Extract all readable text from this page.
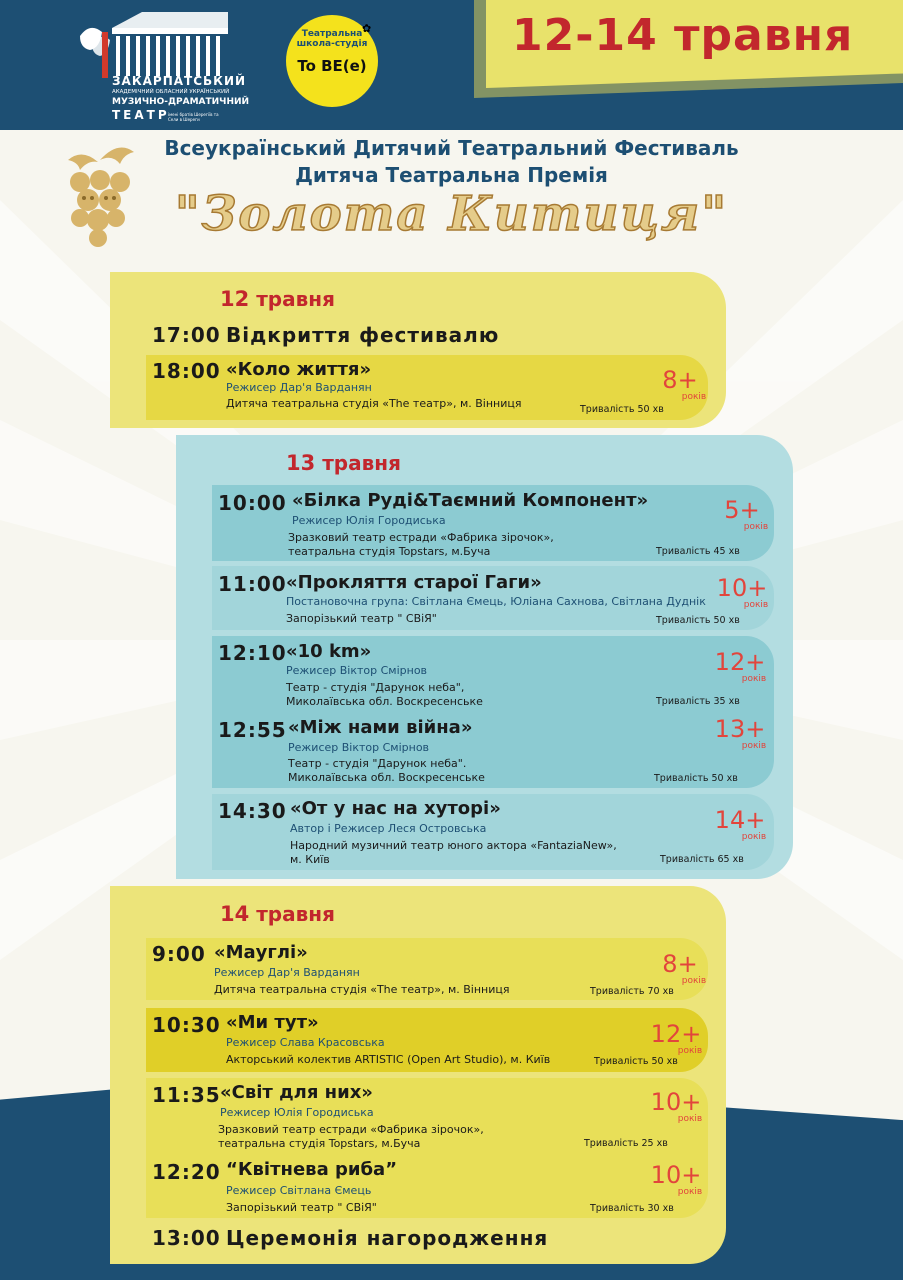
12-14 травня
ЗАКАРПАТСЬКИЙ
АКАДЕМІЧНИЙ ОБЛАСНИЙ УКРАЇНСЬКИЙ
МУЗИЧНО-ДРАМАТИЧНИЙ
ТЕАТР
імені братів Шерегіїв та Сели в Шереги
Театральна
школа-студія
To BE(e)
✿
Всеукраїнський Дитячий Театральний Фестиваль
Дитяча Театральна Премія
"Золота Китиця"
12 травня
17:00 Відкриття фестивалю
18:00 «Коло життя»
Режисер Дар'я Варданян
Дитяча театральна студія «The театр», м. Вінниця	Тривалість 50 хв
8+
років
13 травня
10:00 «Білка Руді&Таємний Компонент»
Режисер Юлія Городиська
Зразковий театр естради «Фабрика зірочок»,
театральна студія Topstars, м.Буча	Тривалість 45 хв
5+
років
11:00 «Прокляття старої Гаги»
Постановочна група: Світлана Ємець, Юліана Сахнова, Світлана Дуднік
Запорізький театр " СВіЯ"	Тривалість 50 хв
10+
років
12:10 «10 km»
Режисер Віктор Смірнов
Театр - студія "Дарунок неба",
Миколаївська обл. Воскресенське	Тривалість 35 хв
12+
років
12:55 «Між нами війна»
Режисер Віктор Смірнов
Театр - студія "Дарунок неба".
Миколаївська обл. Воскресенське	Тривалість 50 хв
13+
років
14:30 «От у нас на хуторі»
Автор і Режисер Леся Островська
Народний музичний театр юного актора «FantaziaNew»,
м. Київ	Тривалість 65 хв
14+
років
14 травня
9:00 «Мауглі»
Режисер Дар'я Варданян
Дитяча театральна студія «The театр», м. Вінниця	Тривалість 70 хв
8+
років
10:30 «Ми тут»
Режисер Слава Красовська
Акторський колектив ARTISTIC (Open Art Studio), м. Київ	Тривалість 50 хв
12+
років
11:35 «Світ для них»
Режисер Юлія Городиська
Зразковий театр естради «Фабрика зірочок»,
театральна студія Topstars, м.Буча	Тривалість 25 хв
10+
років
12:20 “Квітнева риба”
Режисер Світлана Ємець
Запорізький театр " СВіЯ"	Тривалість 30 хв
10+
років
13:00 Церемонія нагородження
